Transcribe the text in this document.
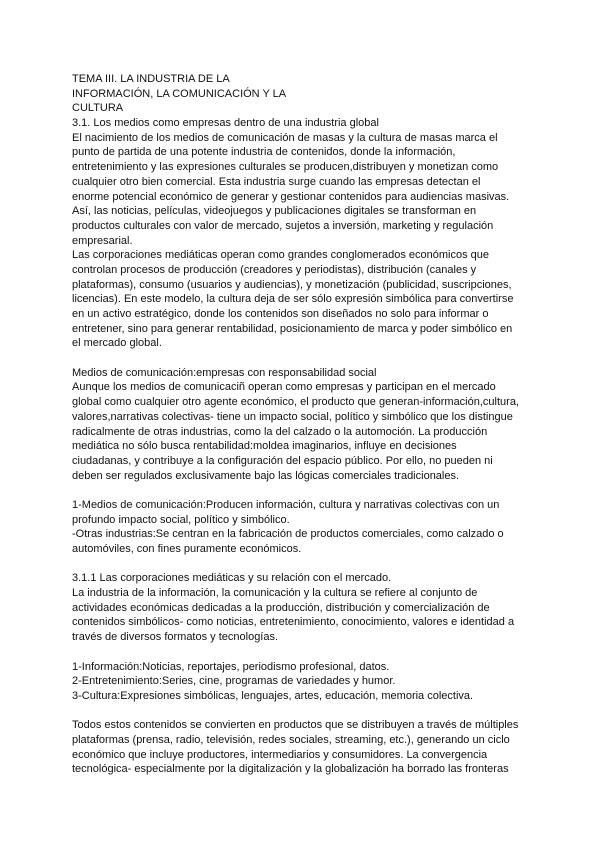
TEMA III. LA INDUSTRIA DE LA
INFORMACIÓN, LA COMUNICACIÓN Y LA
CULTURA
3.1. Los medios como empresas dentro de una industria global
El nacimiento de los medios de comunicación de masas y la cultura de masas marca el
punto de partida de una potente industria de contenidos, donde la información,
entretenimiento y las expresiones culturales se producen,distribuyen y monetizan como
cualquier otro bien comercial. Esta industria surge cuando las empresas detectan el
enorme potencial económico de generar y gestionar contenidos para audiencias masivas.
Así, las noticias, películas, videojuegos y publicaciones digitales se transforman en
productos culturales con valor de mercado, sujetos a inversión, marketing y regulación
empresarial.
Las corporaciones mediáticas operan como grandes conglomerados económicos que
controlan procesos de producción (creadores y periodistas), distribución (canales y
plataformas), consumo (usuarios y audiencias), y monetización (publicidad, suscripciones,
licencias). En este modelo, la cultura deja de ser sólo expresión simbólica para convertirse
en un activo estratégico, donde los contenidos son diseñados no solo para informar o
entretener, sino para generar rentabilidad, posicionamiento de marca y poder simbólico en
el mercado global.
Medios de comunicación:empresas con responsabilidad social
Aunque los medios de comunicaciñ operan como empresas y participan en el mercado
global como cualquier otro agente económico, el producto que generan-información,cultura,
valores,narrativas colectivas- tiene un impacto social, político y simbólico que los distingue
radicalmente de otras industrias, como la del calzado o la automoción. La producción
mediática no sólo busca rentabilidad:moldea imaginarios, influye en decisiones
ciudadanas, y contribuye a la configuración del espacio público. Por ello, no pueden ni
deben ser regulados exclusivamente bajo las lógicas comerciales tradicionales.
1-Medios de comunicación:Producen información, cultura y narrativas colectivas con un
profundo impacto social, político y simbólico.
-Otras industrias:Se centran en la fabricación de productos comerciales, como calzado o
automóviles, con fines puramente económicos.
3.1.1 Las corporaciones mediáticas y su relación con el mercado.
La industria de la información, la comunicación y la cultura se refiere al conjunto de
actividades económicas dedicadas a la producción, distribución y comercialización de
contenidos simbólicos- como noticias, entretenimiento, conocimiento, valores e identidad a
través de diversos formatos y tecnologías.
1-Información:Noticias, reportajes, periodismo profesional, datos.
2-Entretenimiento:Series, cine, programas de variedades y humor.
3-Cultura:Expresiones simbólicas, lenguajes, artes, educación, memoria colectiva.
Todos estos contenidos se convierten en productos que se distribuyen a través de múltiples
plataformas (prensa, radio, televisión, redes sociales, streaming, etc.), generando un ciclo
económico que incluye productores, intermediarios y consumidores. La convergencia
tecnológica- especialmente por la digitalización y la globalización ha borrado las fronteras
